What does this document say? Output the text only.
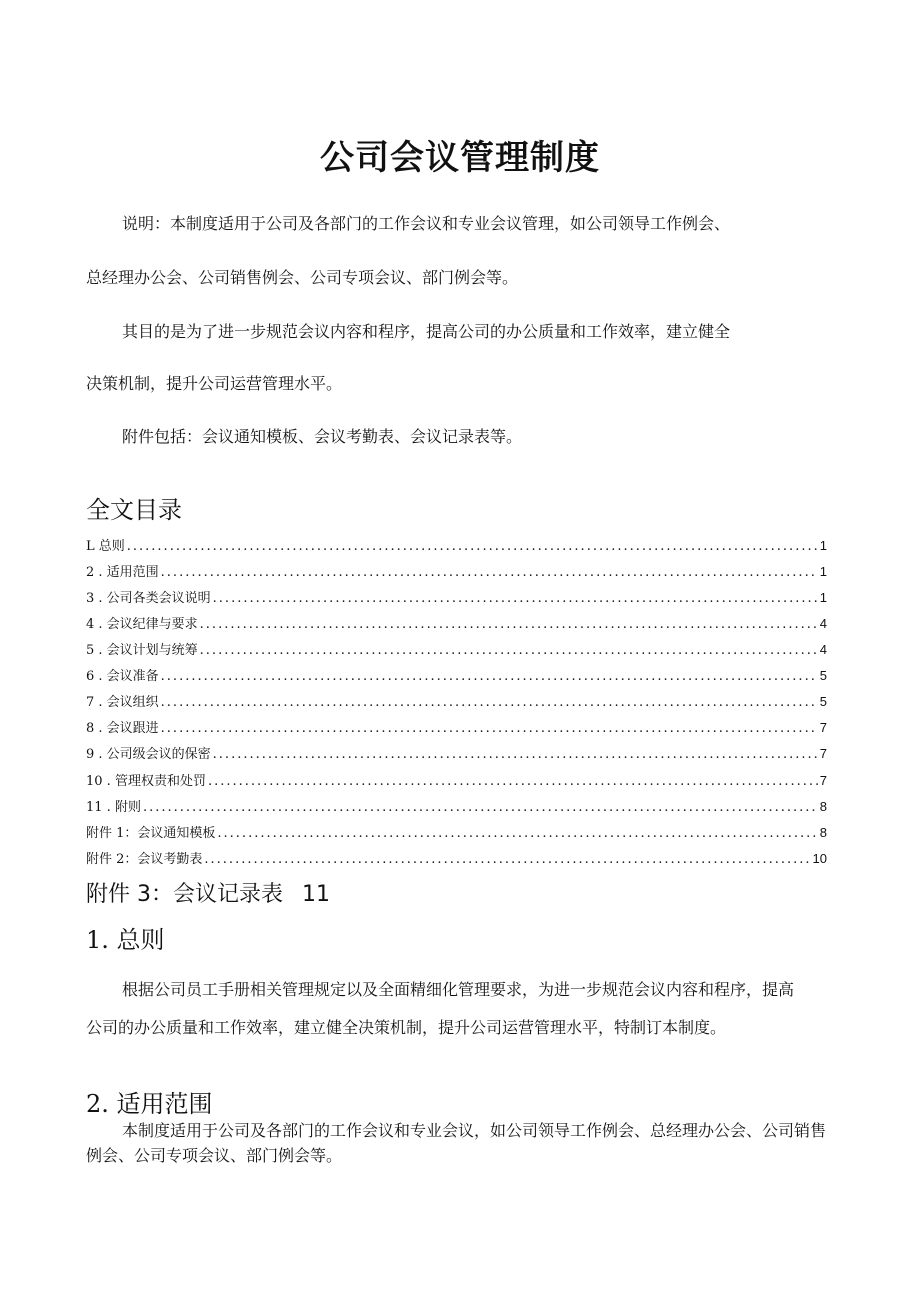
公司会议管理制度
说明：本制度适用于公司及各部门的工作会议和专业会议管理，如公司领导工作例会、
总经理办公会、公司销售例会、公司专项会议、部门例会等。
其目的是为了进一步规范会议内容和程序，提高公司的办公质量和工作效率，建立健全
决策机制，提升公司运营管理水平。
附件包括：会议通知模板、会议考勤表、会议记录表等。
全文目录
L 总则 .....	1
2 . 适用范围 .....	1
3 . 公司各类会议说明 .....	1
4 . 会议纪律与要求 .....	4
5 . 会议计划与统筹 .....	4
6 . 会议准备 .....	5
7 . 会议组织 .....	5
8 . 会议跟进 .....	7
9 . 公司级会议的保密 .....	7
10 . 管理权责和处罚 .....	7
11 . 附则 .....	8
附件 1：会议通知模板 .....	8
附件 2：会议考勤表 .....	10
附件 3：会议记录表 11
1. 总则
根据公司员工手册相关管理规定以及全面精细化管理要求，为进一步规范会议内容和程序，提高
公司的办公质量和工作效率，建立健全决策机制，提升公司运营管理水平，特制订本制度。
2. 适用范围
本制度适用于公司及各部门的工作会议和专业会议，如公司领导工作例会、总经理办公会、公司销售例会、公司专项会议、部门例会等。
